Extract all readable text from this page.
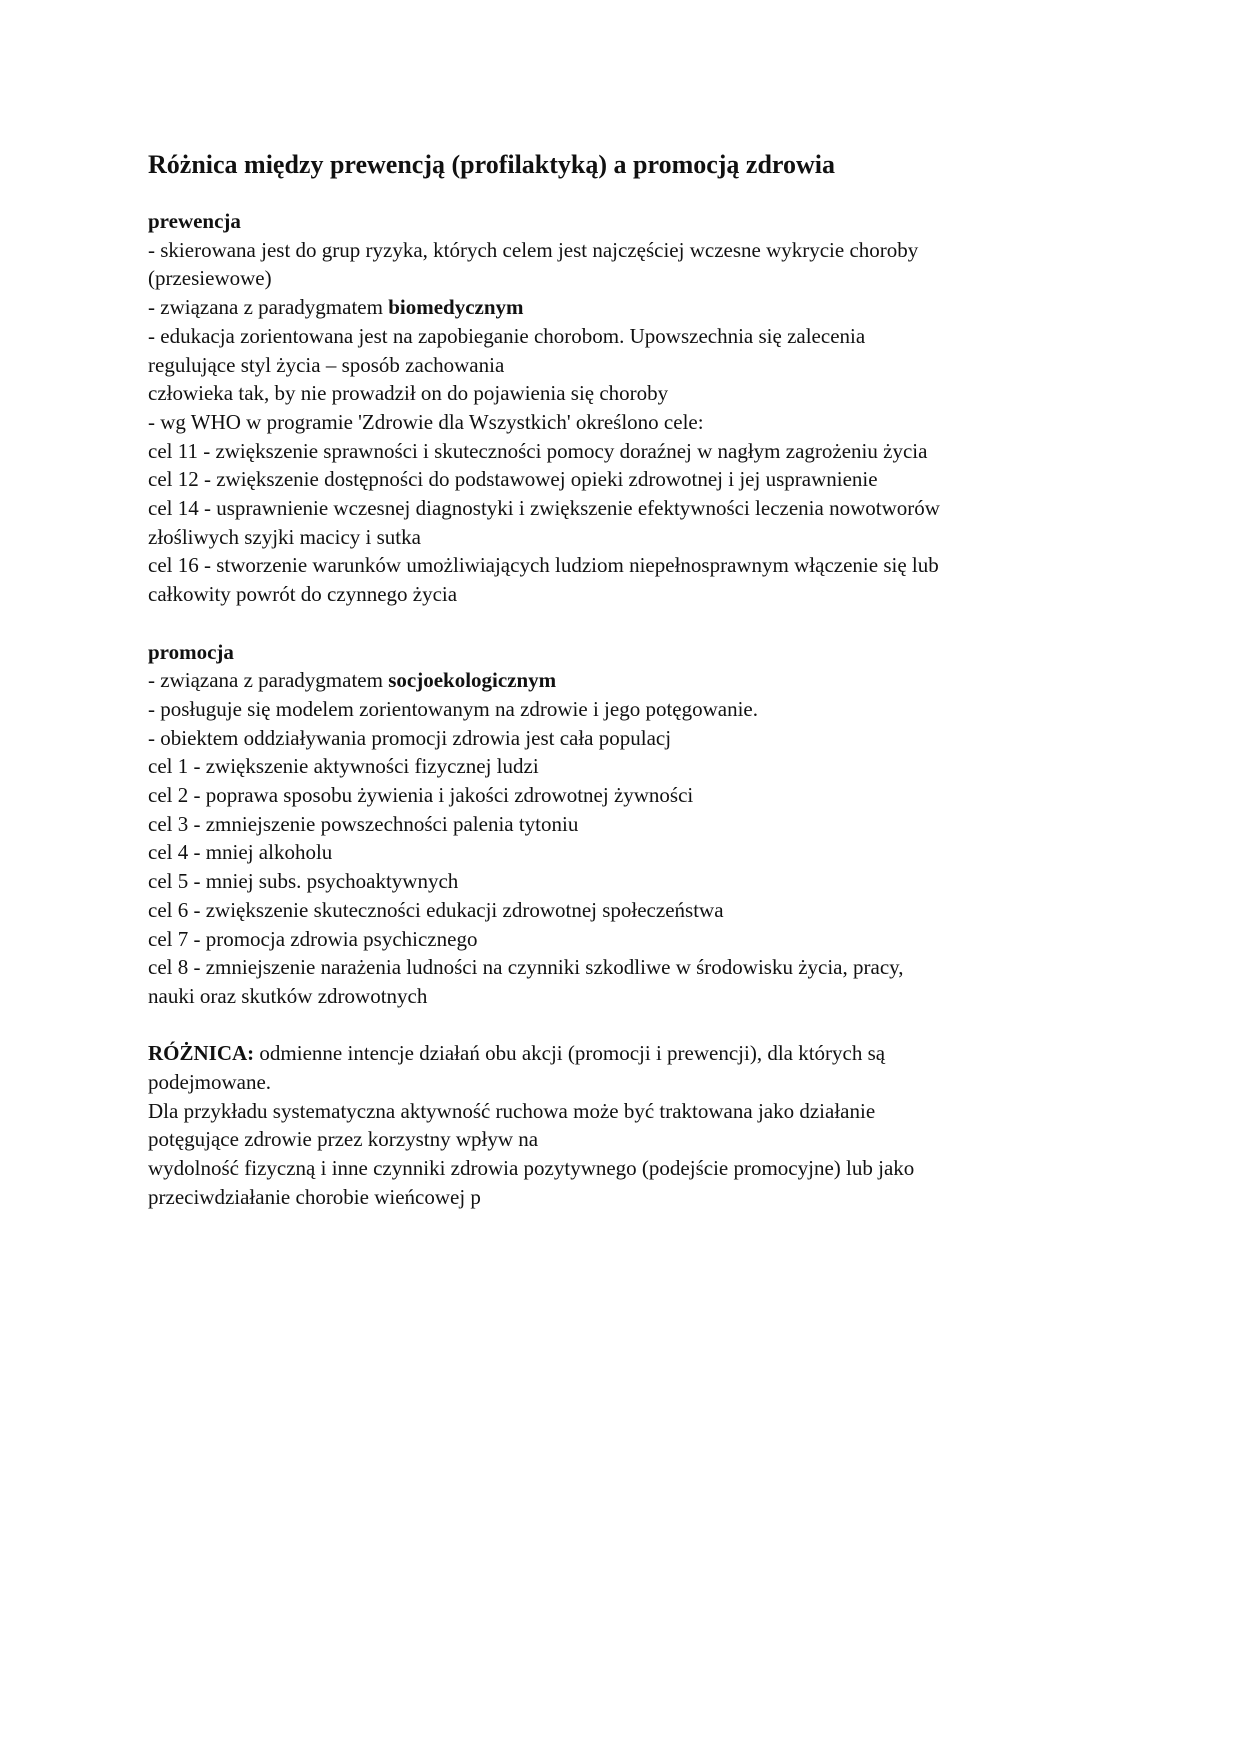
Różnica między prewencją (profilaktyką) a promocją zdrowia
prewencja
- skierowana jest do grup ryzyka, których celem jest najczęściej wczesne wykrycie choroby
(przesiewowe)
- związana z paradygmatem biomedycznym
- edukacja zorientowana jest na zapobieganie chorobom. Upowszechnia się zalecenia
regulujące styl życia – sposób zachowania
człowieka tak, by nie prowadził on do pojawienia się choroby
- wg WHO w programie 'Zdrowie dla Wszystkich' określono cele:
cel 11 - zwiększenie sprawności i skuteczności pomocy doraźnej w nagłym zagrożeniu życia
cel 12 - zwiększenie dostępności do podstawowej opieki zdrowotnej i jej usprawnienie
cel 14 - usprawnienie wczesnej diagnostyki i zwiększenie efektywności leczenia nowotworów
złośliwych szyjki macicy i sutka
cel 16 - stworzenie warunków umożliwiających ludziom niepełnosprawnym włączenie się lub
całkowity powrót do czynnego życia
promocja
- związana z paradygmatem socjoekologicznym
- posługuje się modelem zorientowanym na zdrowie i jego potęgowanie.
- obiektem oddziaływania promocji zdrowia jest cała populacj
cel 1 - zwiększenie aktywności fizycznej ludzi
cel 2 - poprawa sposobu żywienia i jakości zdrowotnej żywności
cel 3 - zmniejszenie powszechności palenia tytoniu
cel 4 - mniej alkoholu
cel 5 - mniej subs. psychoaktywnych
cel 6 - zwiększenie skuteczności edukacji zdrowotnej społeczeństwa
cel 7 - promocja zdrowia psychicznego
cel 8 - zmniejszenie narażenia ludności na czynniki szkodliwe w środowisku życia, pracy,
nauki oraz skutków zdrowotnych
RÓŻNICA: odmienne intencje działań obu akcji (promocji i prewencji), dla których są
podejmowane.
Dla przykładu systematyczna aktywność ruchowa może być traktowana jako działanie
potęgujące zdrowie przez korzystny wpływ na
wydolność fizyczną i inne czynniki zdrowia pozytywnego (podejście promocyjne) lub jako
przeciwdziałanie chorobie wieńcowej p
